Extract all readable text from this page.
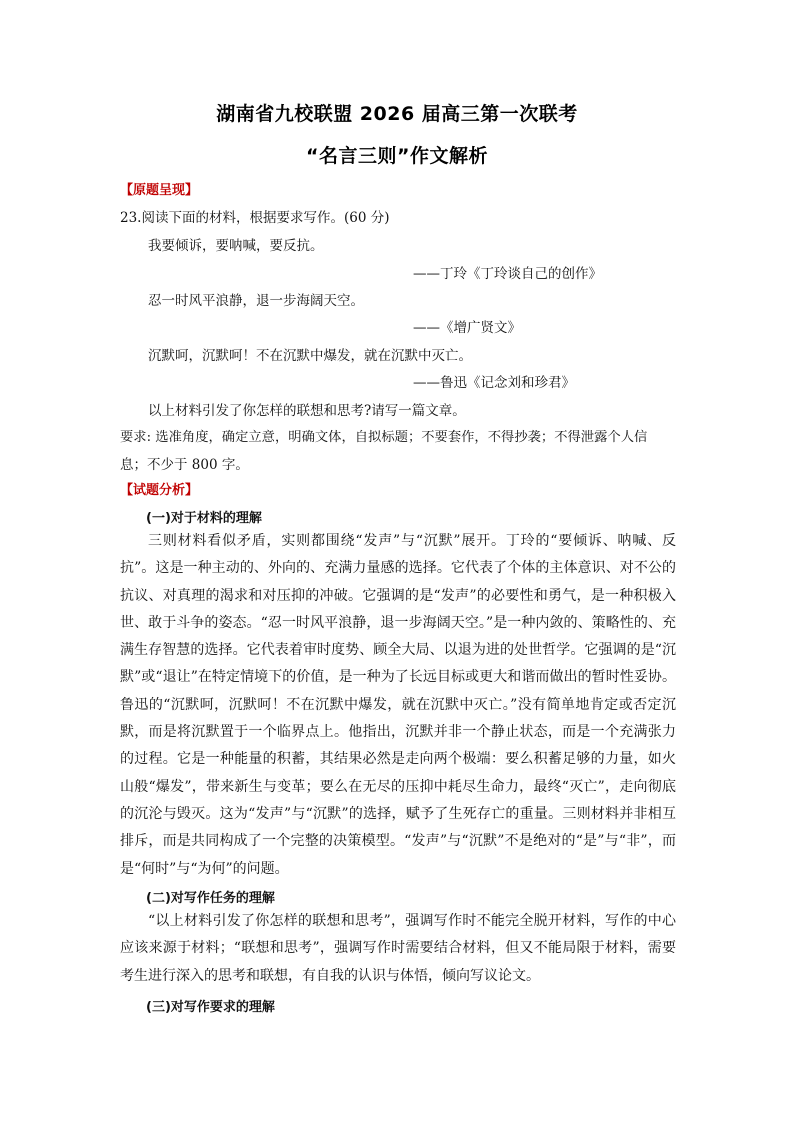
湖南省九校联盟 2026 届高三第一次联考
“名言三则”作文解析
【原题呈现】
23.阅读下面的材料，根据要求写作。(60 分)
我要倾诉，要呐喊，要反抗。
——丁玲《丁玲谈自己的创作》
忍一时风平浪静，退一步海阔天空。
——《增广贤文》
沉默呵，沉默呵！不在沉默中爆发，就在沉默中灭亡。
——鲁迅《记念刘和珍君》
以上材料引发了你怎样的联想和思考?请写一篇文章。
要求: 选准角度，确定立意，明确文体，自拟标题；不要套作，不得抄袭；不得泄露个人信
息；不少于 800 字。
【试题分析】
(一)对于材料的理解
三则材料看似矛盾，实则都围绕“发声”与“沉默”展开。丁玲的“要倾诉、呐喊、反抗”。这是一种主动的、外向的、充满力量感的选择。它代表了个体的主体意识、对不公的抗议、对真理的渴求和对压抑的冲破。它强调的是“发声”的必要性和勇气，是一种积极入世、敢于斗争的姿态。“忍一时风平浪静，退一步海阔天空。”是一种内敛的、策略性的、充满生存智慧的选择。它代表着审时度势、顾全大局、以退为进的处世哲学。它强调的是“沉默”或“退让”在特定情境下的价值，是一种为了长远目标或更大和谐而做出的暂时性妥协。鲁迅的“沉默呵，沉默呵！不在沉默中爆发，就在沉默中灭亡。”没有简单地肯定或否定沉默，而是将沉默置于一个临界点上。他指出，沉默并非一个静止状态，而是一个充满张力的过程。它是一种能量的积蓄，其结果必然是走向两个极端：要么积蓄足够的力量，如火山般“爆发”，带来新生与变革；要么在无尽的压抑中耗尽生命力，最终“灭亡”，走向彻底的沉沦与毁灭。这为“发声”与“沉默”的选择，赋予了生死存亡的重量。三则材料并非相互排斥，而是共同构成了一个完整的决策模型。“发声”与“沉默”不是绝对的“是”与“非”，而是“何时”与“为何”的问题。
(二)对写作任务的理解
“以上材料引发了你怎样的联想和思考”，强调写作时不能完全脱开材料，写作的中心应该来源于材料；“联想和思考”，强调写作时需要结合材料，但又不能局限于材料，需要考生进行深入的思考和联想，有自我的认识与体悟，倾向写议论文。
(三)对写作要求的理解
